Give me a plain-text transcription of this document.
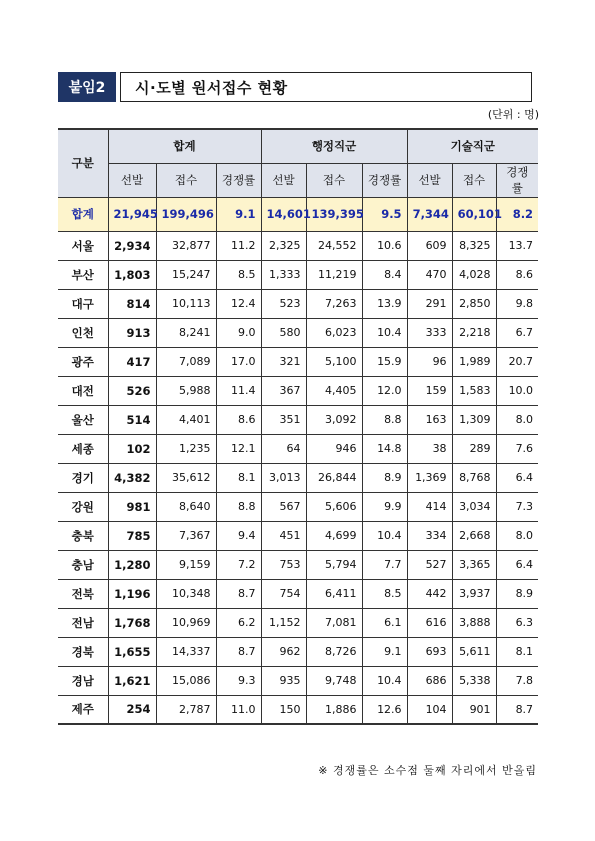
붙임2	시·도별 원서접수 현황
(단위 : 명)
구분	합계			행정직군			기술직군		
	선발	접수	경쟁률	선발	접수	경쟁률	선발	접수	경쟁률
합계	21,945	199,496	9.1	14,601	139,395	9.5	7,344	60,101	8.2
서울	2,934	32,877	11.2	2,325	24,552	10.6	609	8,325	13.7
부산	1,803	15,247	8.5	1,333	11,219	8.4	470	4,028	8.6
대구	814	10,113	12.4	523	7,263	13.9	291	2,850	9.8
인천	913	8,241	9.0	580	6,023	10.4	333	2,218	6.7
광주	417	7,089	17.0	321	5,100	15.9	96	1,989	20.7
대전	526	5,988	11.4	367	4,405	12.0	159	1,583	10.0
울산	514	4,401	8.6	351	3,092	8.8	163	1,309	8.0
세종	102	1,235	12.1	64	946	14.8	38	289	7.6
경기	4,382	35,612	8.1	3,013	26,844	8.9	1,369	8,768	6.4
강원	981	8,640	8.8	567	5,606	9.9	414	3,034	7.3
충북	785	7,367	9.4	451	4,699	10.4	334	2,668	8.0
충남	1,280	9,159	7.2	753	5,794	7.7	527	3,365	6.4
전북	1,196	10,348	8.7	754	6,411	8.5	442	3,937	8.9
전남	1,768	10,969	6.2	1,152	7,081	6.1	616	3,888	6.3
경북	1,655	14,337	8.7	962	8,726	9.1	693	5,611	8.1
경남	1,621	15,086	9.3	935	9,748	10.4	686	5,338	7.8
제주	254	2,787	11.0	150	1,886	12.6	104	901	8.7
※ 경쟁률은 소수점 둘째 자리에서 반올림
